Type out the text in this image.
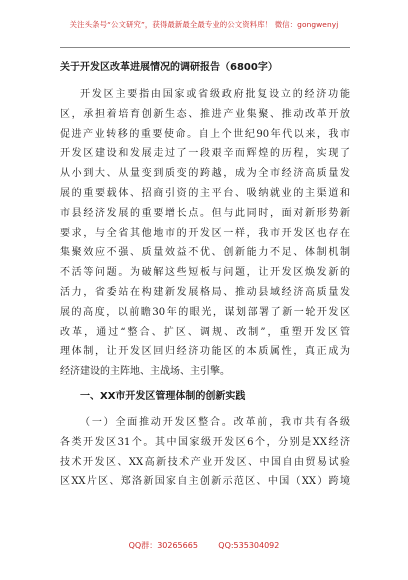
关注头条号“公文研究”，获得最新最全最专业的公文资料库！ 微信：gongwenyj
关于开发区改革进展情况的调研报告（6800字）
开发区主要指由国家或省级政府批复设立的经济功能
区，承担着培育创新生态、推进产业集聚、推动改革开放
促进产业转移的重要使命。自上个世纪90年代以来，我市
开发区建设和发展走过了一段艰辛而辉煌的历程，实现了
从小到大、从量变到质变的跨越，成为全市经济高质量发
展的重要载体、招商引资的主平台、吸纳就业的主渠道和
市县经济发展的重要增长点。但与此同时，面对新形势新
要求，与全省其他地市的开发区一样，我市开发区也存在
集聚效应不强、质量效益不优、创新能力不足、体制机制
不活等问题。为破解这些短板与问题，让开发区焕发新的
活力，省委站在构建新发展格局、推动县域经济高质量发
展的高度，以前瞻30年的眼光，谋划部署了新一轮开发区
改革，通过“整合、扩区、调规、改制”，重塑开发区管
理体制，让开发区回归经济功能区的本质属性，真正成为
经济建设的主阵地、主战场、主引擎。
一、XX市开发区管理体制的创新实践
（一）全面推动开发区整合。改革前，我市共有各级
各类开发区31个。其中国家级开发区6个，分别是XX经济
技术开发区、XX高新技术产业开发区、中国自由贸易试验
区XX片区、郑洛新国家自主创新示范区、中国（XX）跨境
QQ群：30265665	QQ:535304092
